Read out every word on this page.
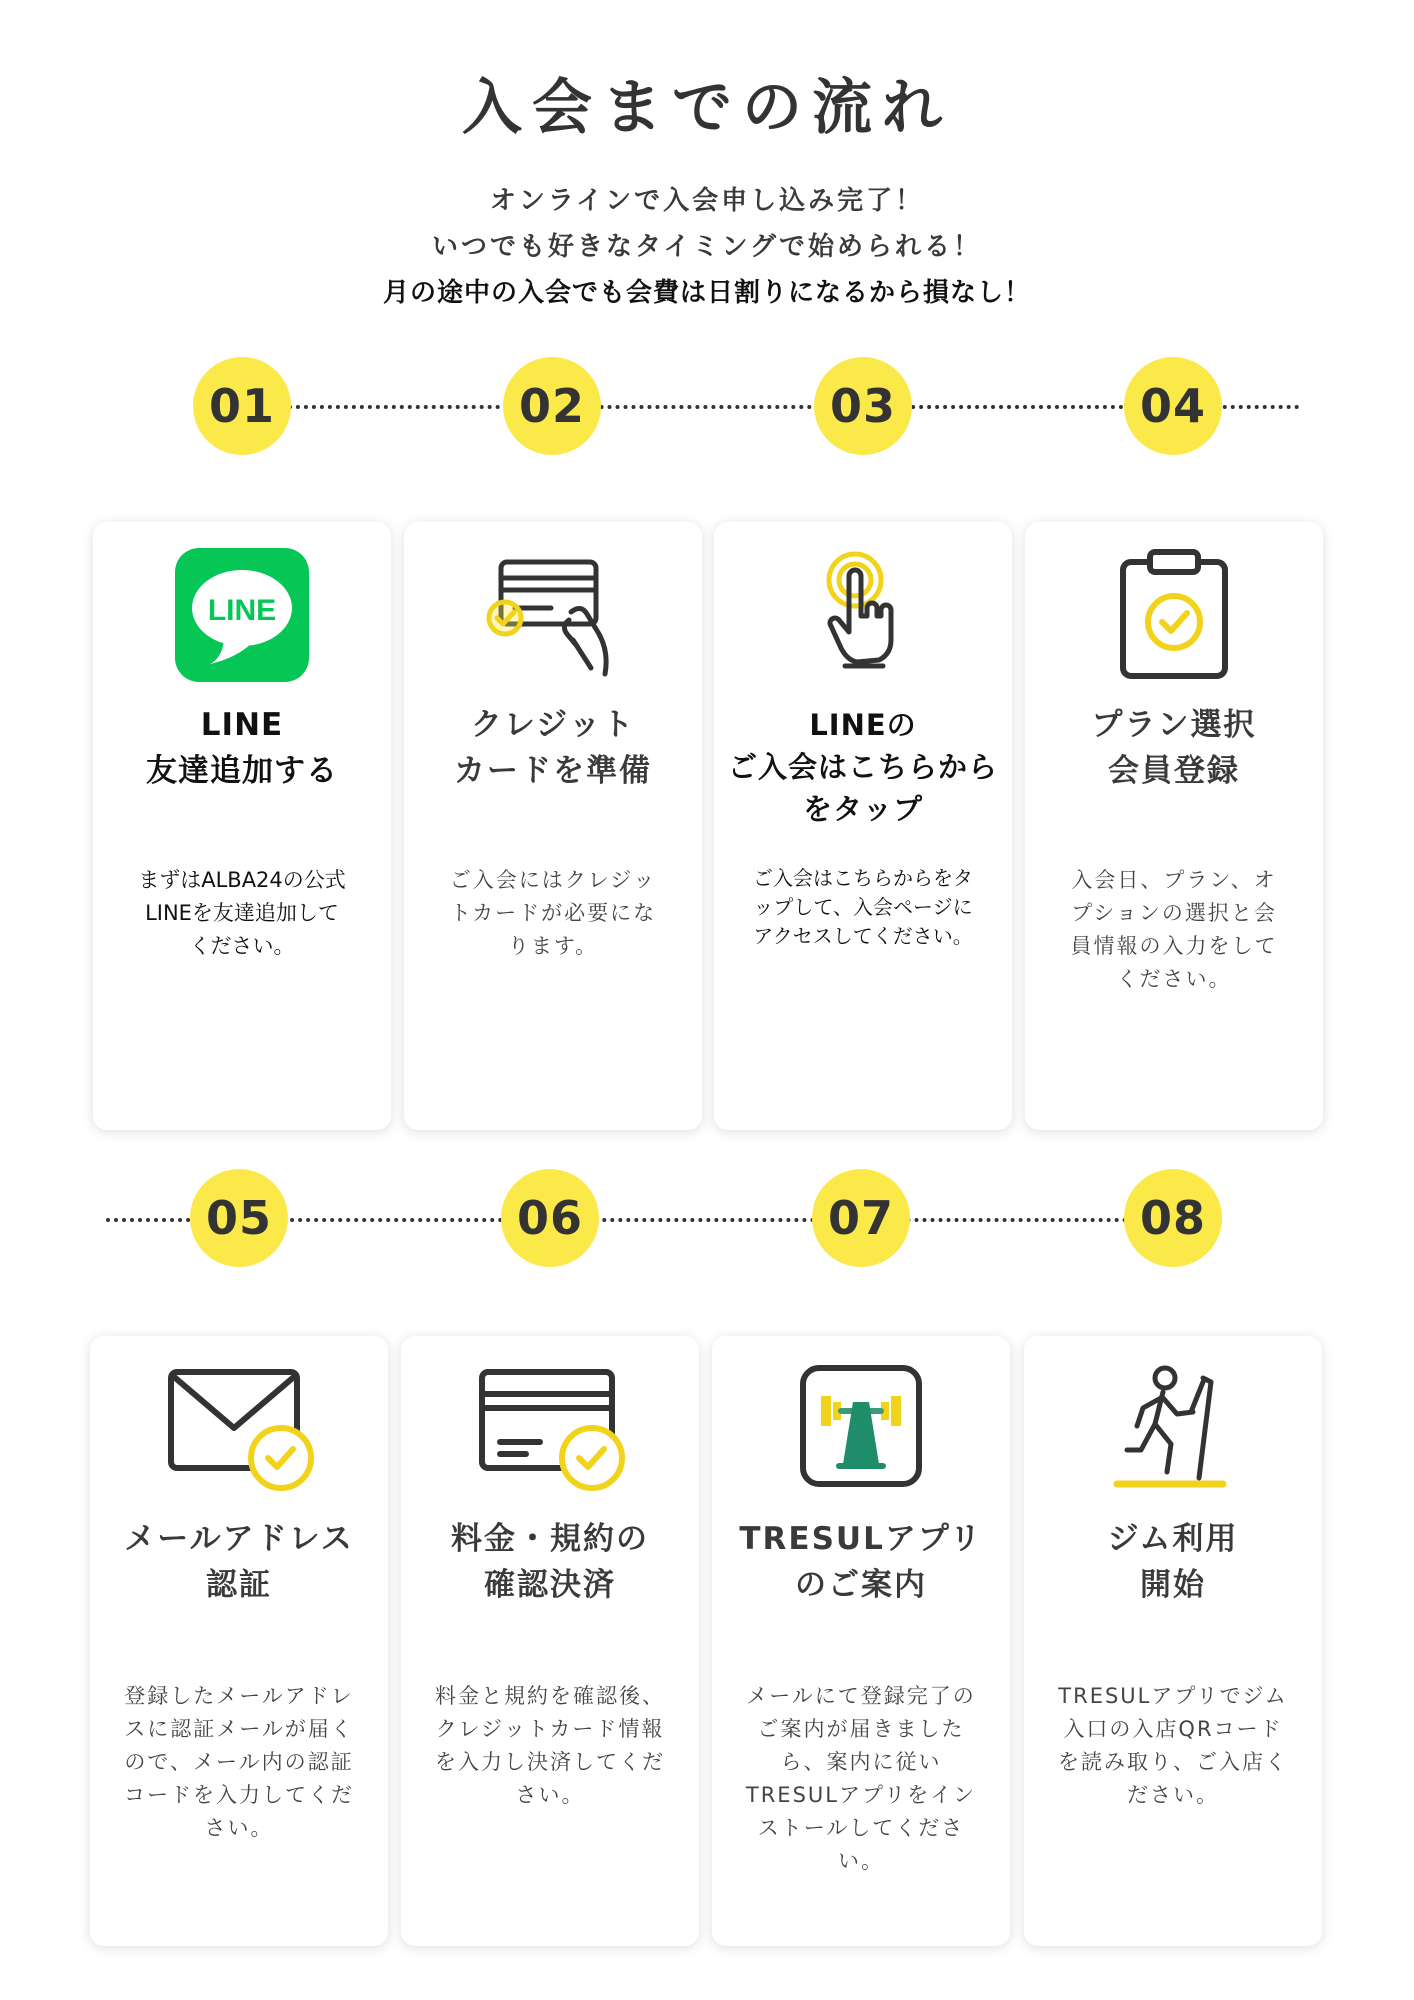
入会までの流れ
オンラインで入会申し込み完了！
いつでも好きなタイミングで始められる！
月の途中の入会でも会費は日割りになるから損なし！
01	02	03	04
LINE
LINE
友達追加する
まずはALBA24の公式LINEを友達追加してください。
クレジット
カードを準備
ご入会にはクレジットカードが必要になります。
LINEの
ご入会はこちらから
をタップ
ご入会はこちらからをタップして、入会ページにアクセスしてください。
プラン選択
会員登録
入会日、プラン、オプションの選択と会員情報の入力をしてください。
05	06	07	08
メールアドレス
認証
登録したメールアドレスに認証メールが届くので、メール内の認証コードを入力してください。
料金・規約の
確認決済
料金と規約を確認後、クレジットカード情報を入力し決済してください。
TRESULアプリ
のご案内
メールにて登録完了のご案内が届きましたら、案内に従いTRESULアプリをインストールしてください。
ジム利用
開始
TRESULアプリでジム入口の入店QRコードを読み取り、ご入店ください。
